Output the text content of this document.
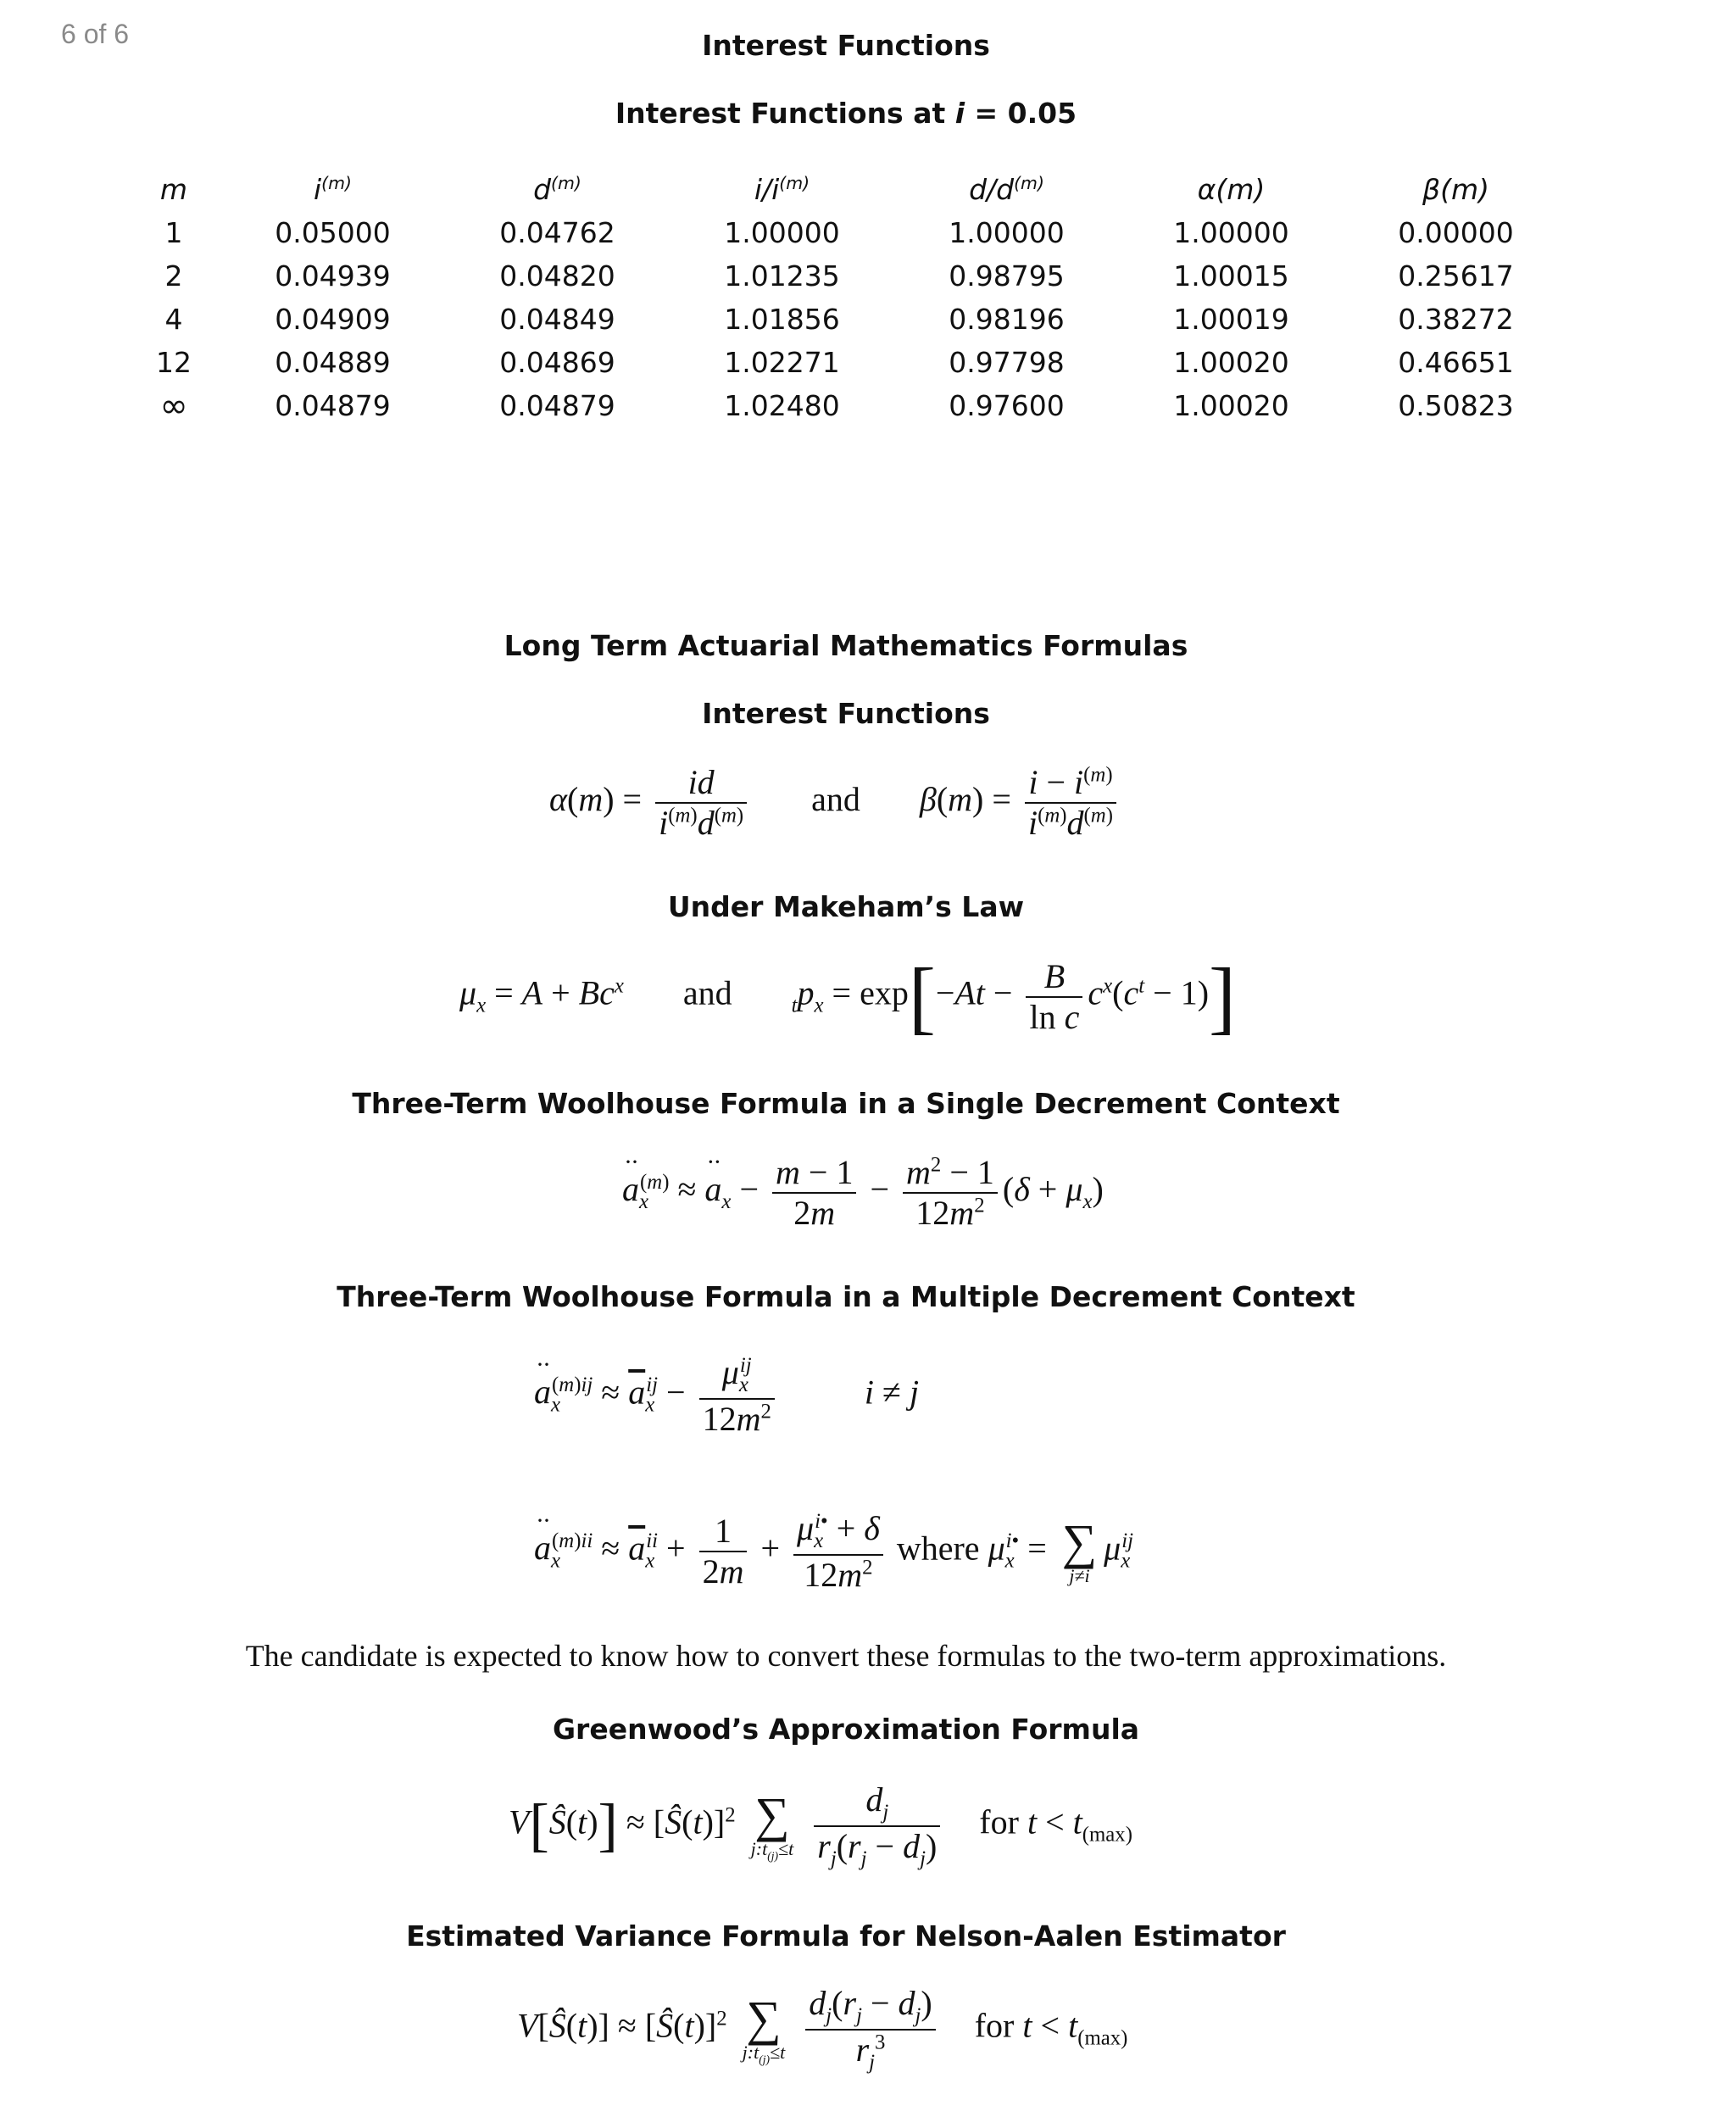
6 of 6	Interest Functions
Interest Functions at i = 0.05
m	$i^{(m)}$	$d^{(m)}$	$i/i^{(m)}$	$d/d^{(m)}$	α(m)	β(m)
1	0.05000	0.04762	1.00000	1.00000	1.00000	0.00000
2	0.04939	0.04820	1.01235	0.98795	1.00015	0.25617
4	0.04909	0.04849	1.01856	0.98196	1.00019	0.38272
12	0.04889	0.04869	1.02271	0.97798	1.00020	0.46651
∞	0.04879	0.04879	1.02480	0.97600	1.00020	0.50823
Long Term Actuarial Mathematics Formulas
Interest Functions
$\alpha(m) = \frac{id}{i^{(m)}d^{(m)}}$ and $\beta(m) = \frac{i - i^{(m)}}{i^{(m)}d^{(m)}}$
Under Makeham’s Law
$\mu_x = A + Bc^x$ and	$_tp_x = \exp[-At - \frac{B}{\text{ln c}} c^x(c^t - 1)]$
Three-Term Woolhouse Formula in a Single Decrement Context
·· $a_x^{(m)}$ ≈ ·· $a_x - \frac{m - 1}{2m} - \frac{m^2 - 1}{12m^2} (\delta + \mu_x)$
Three-Term Woolhouse Formula in a Multiple Decrement Context
·· $a_x^{(m)ij} \approx \overline{a}_x^{ij} - \frac{\mu_x^{ij}}{12m^2}$	i ≠ j
·· $a_x^{(m)ii} \approx \overline{a}_x^{ii} + \frac{1}{2m} + \frac{\mu_x^{i•} + \delta}{12m^2}$ where $\mu_x^{i•}$ = ∑
j≠i
$\mu_x^{ij}$
The candidate is expected to know how to convert these formulas to the two-term approximations.
Greenwood’s Approximation Formula
V[Ŝ(t)] ≈ [Ŝ(t)]$^2$ ∑
$j:t_{(j)}\le t$
$\frac{d_j}{r_j(r_j - d_j)}$ for $t < t_{(max)}$
Estimated Variance Formula for Nelson-Aalen Estimator
V[Ŝ(t)] ≈ [Ŝ(t)]$^2$ ∑
$j:t_{(j)}\le t$
$\frac{d_j(r_j - d_j)}{r_j^3}$ for $t < t_{(max)}$
